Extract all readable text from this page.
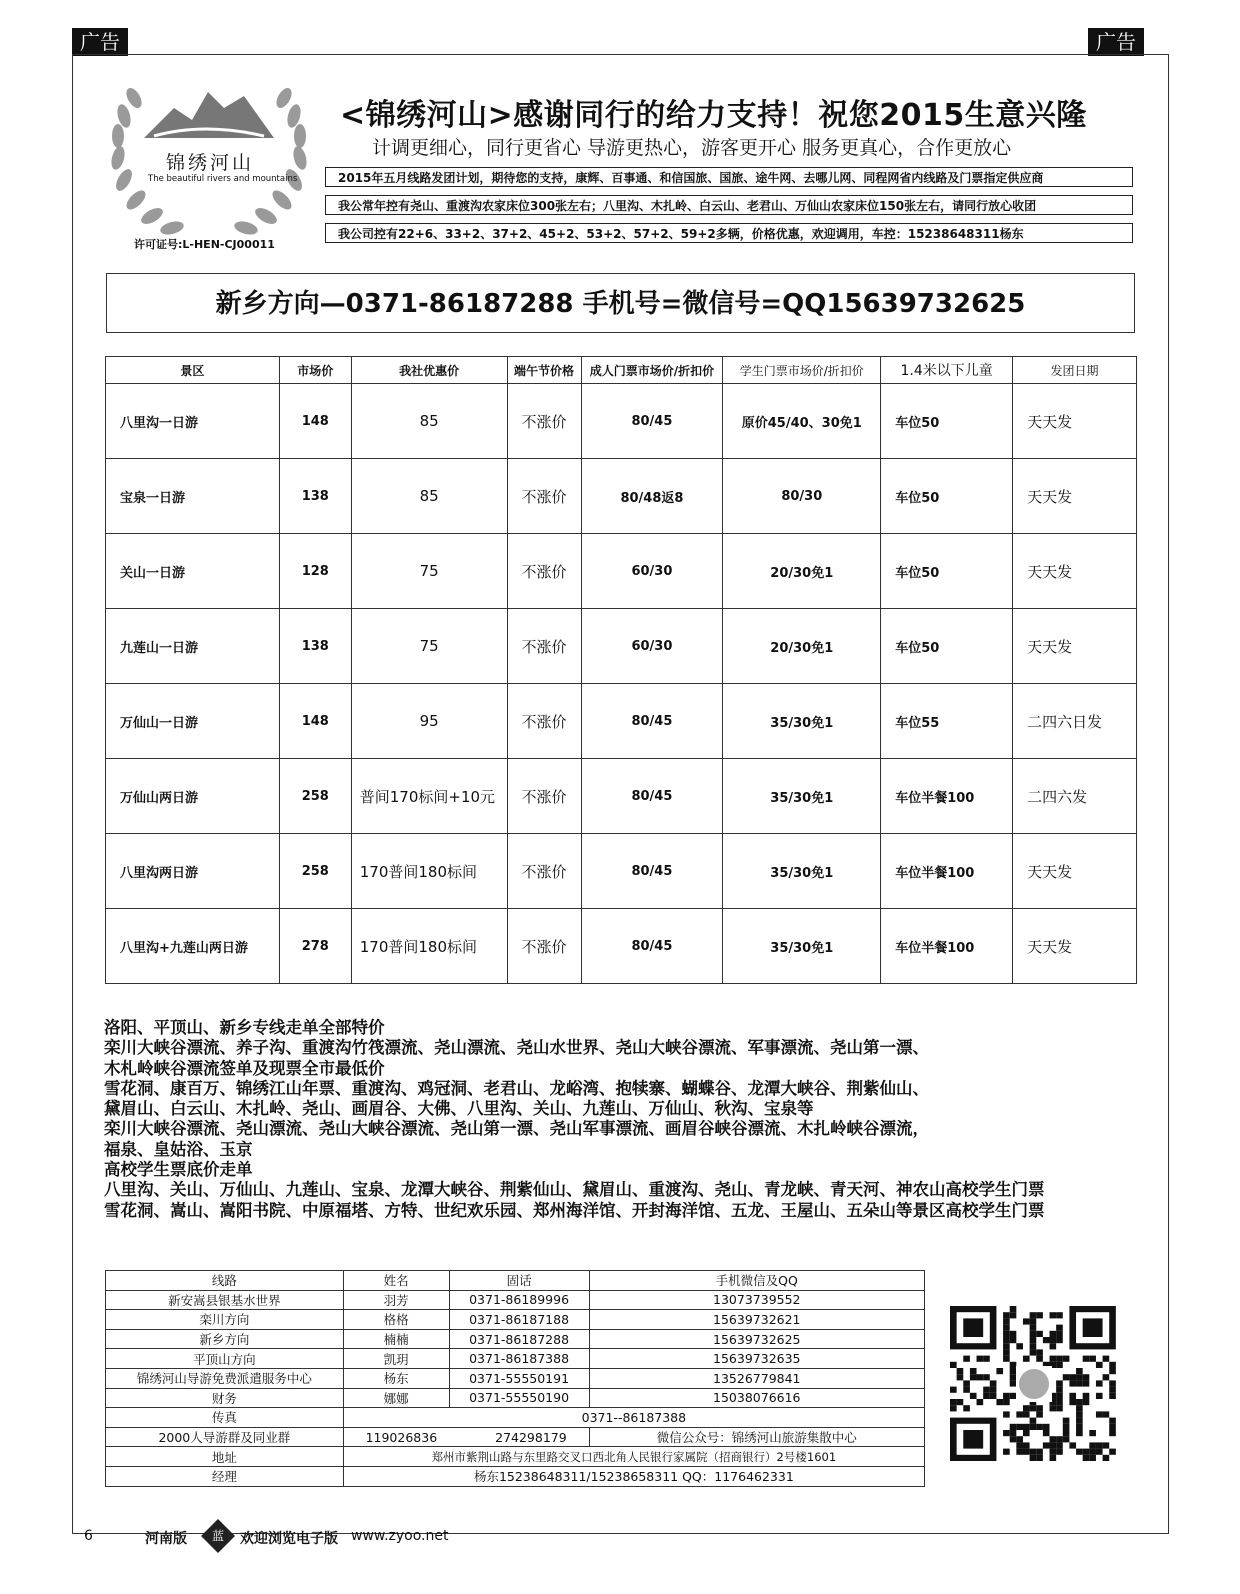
广告	广告
锦绣河山
The beautiful rivers and mountains
许可证号:L-HEN-CJ00011
<锦绣河山>感谢同行的给力支持！祝您2015生意兴隆
计调更细心，同行更省心 导游更热心，游客更开心 服务更真心，合作更放心
2015年五月线路发团计划，期待您的支持，康辉、百事通、和信国旅、国旅、途牛网、去哪儿网、同程网省内线路及门票指定供应商
我公常年控有尧山、重渡沟农家床位300张左右；八里沟、木扎岭、白云山、老君山、万仙山农家床位150张左右，请同行放心收团
我公司控有22+6、33+2、37+2、45+2、53+2、57+2、59+2多辆，价格优惠，欢迎调用，车控：15238648311杨东
新乡方向—0371-86187288 手机号=微信号=QQ15639732625
景区	市场价	我社优惠价	端午节价格	成人门票市场价/折扣价	学生门票市场价/折扣价	1.4米以下儿童	发团日期
八里沟一日游	148	85	不涨价	80/45	原价45/40、30免1	车位50	天天发
宝泉一日游	138	85	不涨价	80/48返8	80/30	车位50	天天发
关山一日游	128	75	不涨价	60/30	20/30免1	车位50	天天发
九莲山一日游	138	75	不涨价	60/30	20/30免1	车位50	天天发
万仙山一日游	148	95	不涨价	80/45	35/30免1	车位55	二四六日发
万仙山两日游	258	普间170标间+10元	不涨价	80/45	35/30免1	车位半餐100	二四六发
八里沟两日游	258	170普间180标间	不涨价	80/45	35/30免1	车位半餐100	天天发
八里沟+九莲山两日游	278	170普间180标间	不涨价	80/45	35/30免1	车位半餐100	天天发
洛阳、平顶山、新乡专线走单全部特价
栾川大峡谷漂流、养子沟、重渡沟竹筏漂流、尧山漂流、尧山水世界、尧山大峡谷漂流、军事漂流、尧山第一漂、
木札岭峡谷漂流签单及现票全市最低价
雪花洞、康百万、锦绣江山年票、重渡沟、鸡冠洞、老君山、龙峪湾、抱犊寨、蝴蝶谷、龙潭大峡谷、荆紫仙山、
黛眉山、白云山、木扎岭、尧山、画眉谷、大佛、八里沟、关山、九莲山、万仙山、秋沟、宝泉等
栾川大峡谷漂流、尧山漂流、尧山大峡谷漂流、尧山第一漂、尧山军事漂流、画眉谷峡谷漂流、木扎岭峡谷漂流，
福泉、皇姑浴、玉京
高校学生票底价走单
八里沟、关山、万仙山、九莲山、宝泉、龙潭大峡谷、荆紫仙山、黛眉山、重渡沟、尧山、青龙峡、青天河、神农山高校学生门票
雪花洞、嵩山、嵩阳书院、中原福塔、方特、世纪欢乐园、郑州海洋馆、开封海洋馆、五龙、王屋山、五朵山等景区高校学生门票
线路	姓名	固话	手机微信及QQ
新安嵩县银基水世界	羽芳	0371-86189996	13073739552
栾川方向	格格	0371-86187188	15639732621
新乡方向	楠楠	0371-86187288	15639732625
平顶山方向	凯玥	0371-86187388	15639732635
锦绣河山导游免费派遣服务中心	杨东	0371-55550191	13526779841
财务	娜娜	0371-55550190	15038076616
传真	0371--86187388		
2000人导游群及同业群	119026836 274298179		微信公众号：锦绣河山旅游集散中心
地址	郑州市紫荆山路与东里路交叉口西北角人民银行家属院（招商银行）2号楼1601		
经理	杨东15238648311/15238658311 QQ：1176462331		
6	河南版	蓝	欢迎浏览电子版 www.zyoo.net
